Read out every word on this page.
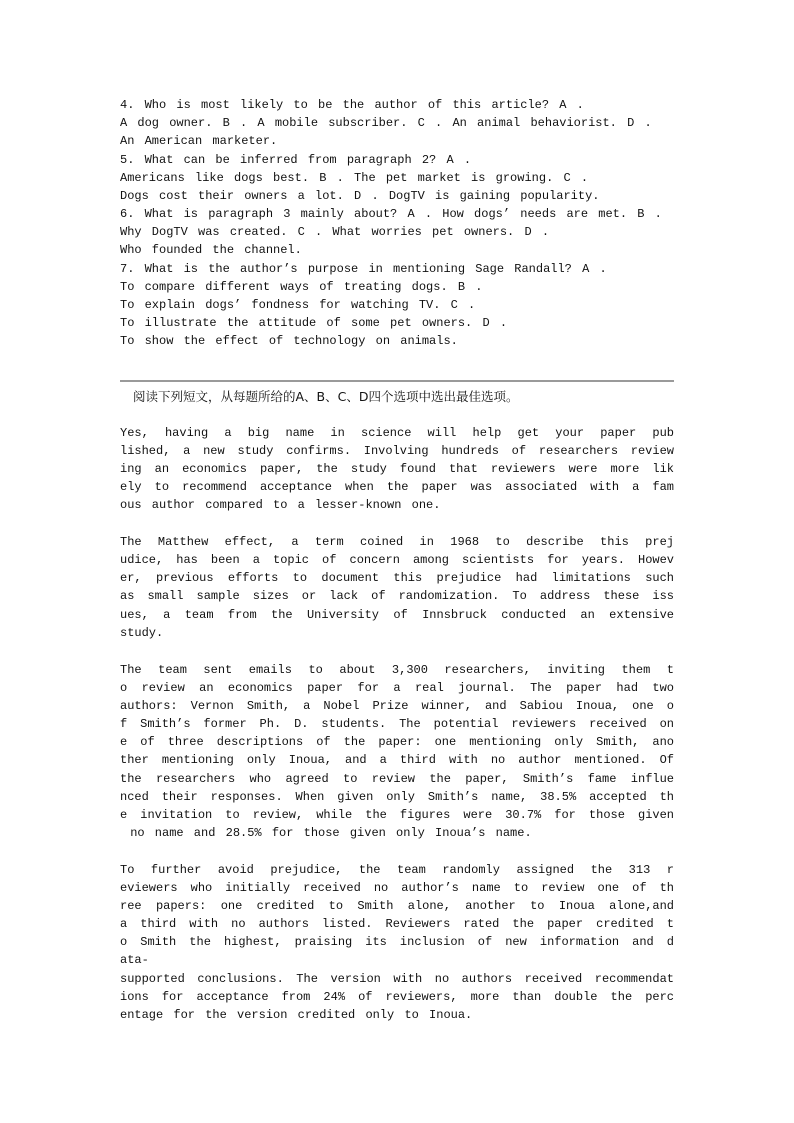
4. Who is most likely to be the author of this article? A .
A dog owner. B . A mobile subscriber. C . An animal behaviorist. D .
An American marketer.
5. What can be inferred from paragraph 2? A .
Americans like dogs best. B . The pet market is growing. C .
Dogs cost their owners a lot. D . DogTV is gaining popularity.
6. What is paragraph 3 mainly about? A . How dogs’ needs are met. B .
Why DogTV was created. C . What worries pet owners. D .
Who founded the channel.
7. What is the author’s purpose in mentioning Sage Randall? A .
To compare different ways of treating dogs. B .
To explain dogs’ fondness for watching TV. C .
To illustrate the attitude of some pet owners. D .
To show the effect of technology on animals.
阅读下列短文，从每题所给的A、B、C、D四个选项中选出最佳选项。
Yes, having a big name in science will help get your paper pub
lished, a new study confirms. Involving hundreds of researchers review
ing an economics paper, the study found that reviewers were more lik
ely to recommend acceptance when the paper was associated with a fam
ous author compared to a lesser-known one.
The Matthew effect, a term coined in 1968 to describe this prej
udice, has been a topic of concern among scientists for years. Howev
er, previous efforts to document this prejudice had limitations such
as small sample sizes or lack of randomization. To address these iss
ues, a team from the University of Innsbruck conducted an extensive
study.
The team sent emails to about 3,300 researchers, inviting them t
o review an economics paper for a real journal. The paper had two
authors: Vernon Smith, a Nobel Prize winner, and Sabiou Inoua, one o
f Smith’s former Ph. D. students. The potential reviewers received on
e of three descriptions of the paper: one mentioning only Smith, ano
ther mentioning only Inoua, and a third with no author mentioned. Of
the researchers who agreed to review the paper, Smith’s fame influe
nced their responses. When given only Smith’s name, 38.5% accepted th
e invitation to review, while the figures were 30.7% for those given
no name and 28.5% for those given only Inoua’s name.
To further avoid prejudice, the team randomly assigned the 313 r
eviewers who initially received no author’s name to review one of th
ree papers: one credited to Smith alone, another to Inoua alone,and
a third with no authors listed. Reviewers rated the paper credited t
o Smith the highest, praising its inclusion of new information and d
ata-
supported conclusions. The version with no authors received recommendat
ions for acceptance from 24% of reviewers, more than double the perc
entage for the version credited only to Inoua.
